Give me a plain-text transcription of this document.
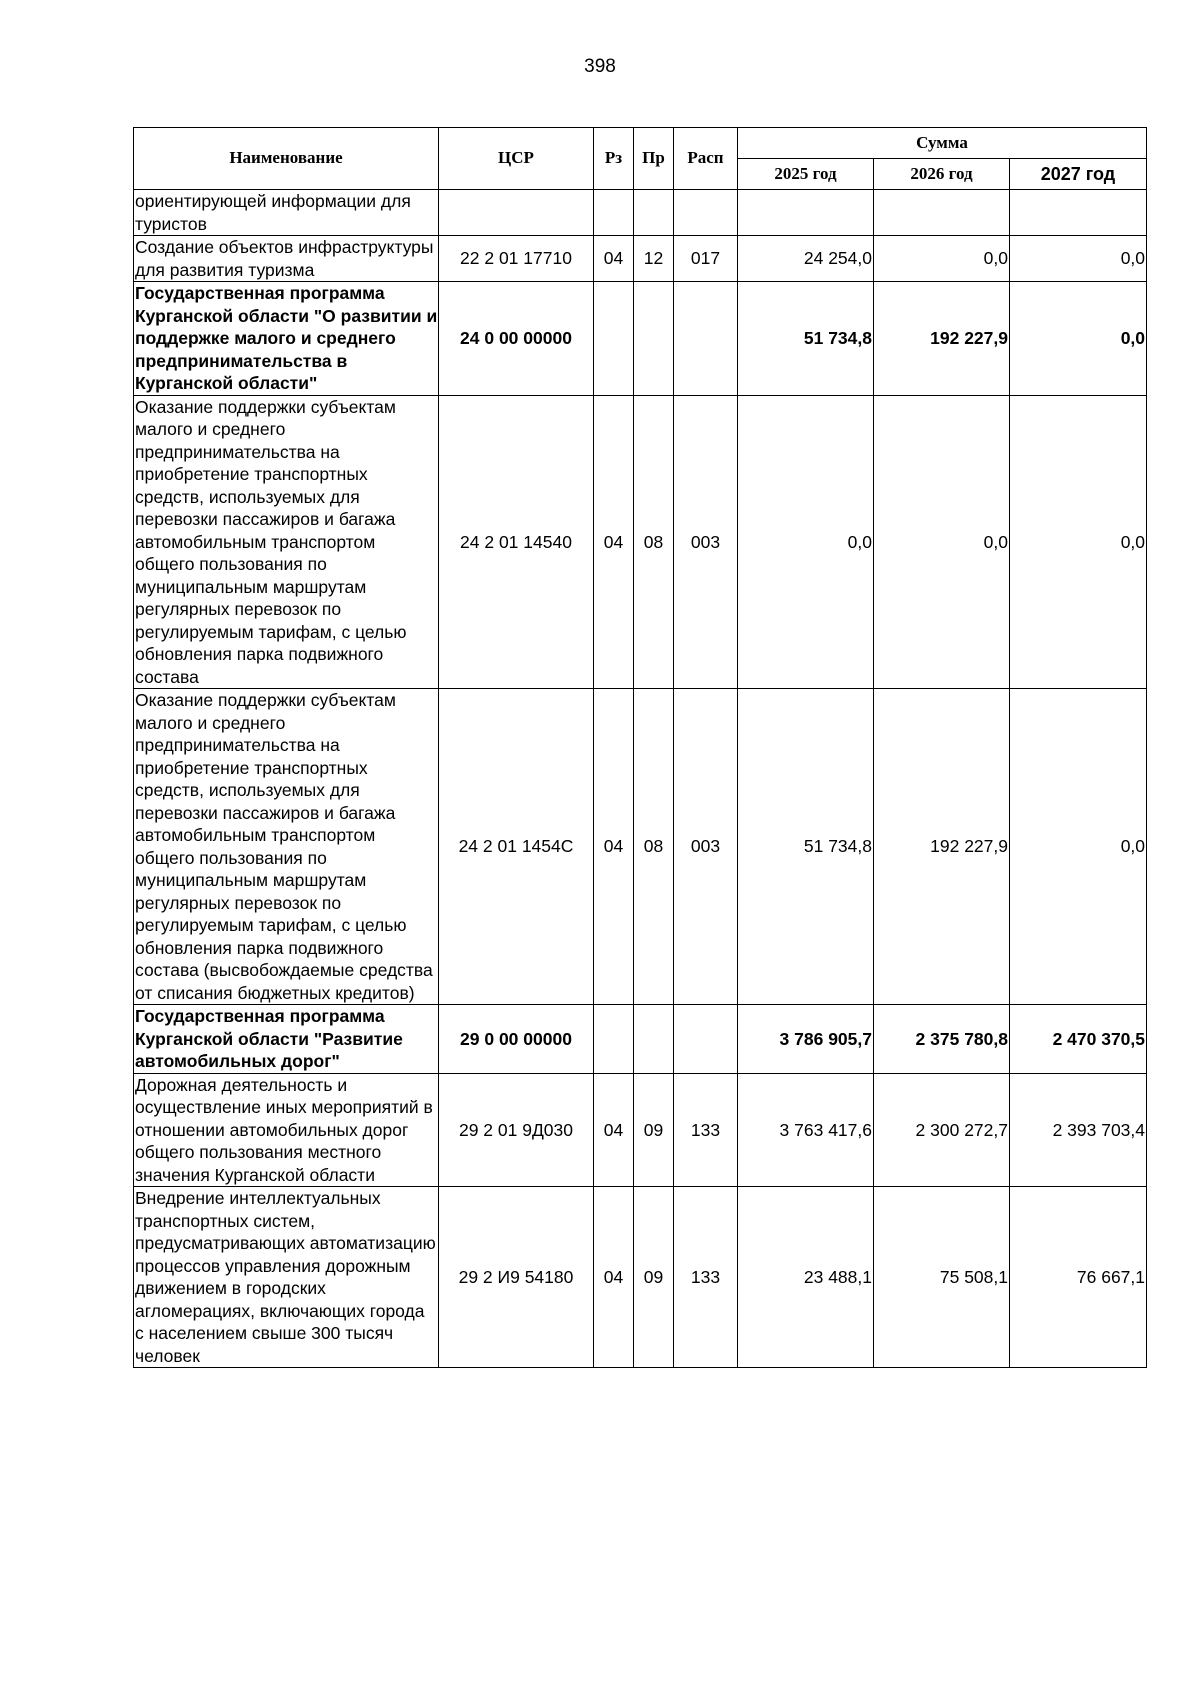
398
Наименование	ЦСР	Рз	Пр	Расп	Сумма		
					2025 год	2026 год	2027 год
ориентирующей информации для туристов							
Создание объектов инфраструктуры для развития туризма	22 2 01 17710	04	12	017	24 254,0	0,0	0,0
Государственная программа Курганской области "О развитии и поддержке малого и среднего предпринимательства в Курганской области"	24 0 00 00000				51 734,8	192 227,9	0,0
Оказание поддержки субъектам малого и среднего предпринимательства на приобретение транспортных средств, используемых для перевозки пассажиров и багажа автомобильным транспортом общего пользования по муниципальным маршрутам регулярных перевозок по регулируемым тарифам, с целью обновления парка подвижного состава	24 2 01 14540	04	08	003	0,0	0,0	0,0
Оказание поддержки субъектам малого и среднего предпринимательства на приобретение транспортных средств, используемых для перевозки пассажиров и багажа автомобильным транспортом общего пользования по муниципальным маршрутам регулярных перевозок по регулируемым тарифам, с целью обновления парка подвижного состава (высвобождаемые средства от списания бюджетных кредитов)	24 2 01 1454С	04	08	003	51 734,8	192 227,9	0,0
Государственная программа Курганской области "Развитие автомобильных дорог"	29 0 00 00000				3 786 905,7	2 375 780,8	2 470 370,5
Дорожная деятельность и осуществление иных мероприятий в отношении автомобильных дорог общего пользования местного значения Курганской области	29 2 01 9Д030	04	09	133	3 763 417,6	2 300 272,7	2 393 703,4
Внедрение интеллектуальных транспортных систем, предусматривающих автоматизацию процессов управления дорожным движением в городских агломерациях, включающих города с населением свыше 300 тысяч человек	29 2 И9 54180	04	09	133	23 488,1	75 508,1	76 667,1
